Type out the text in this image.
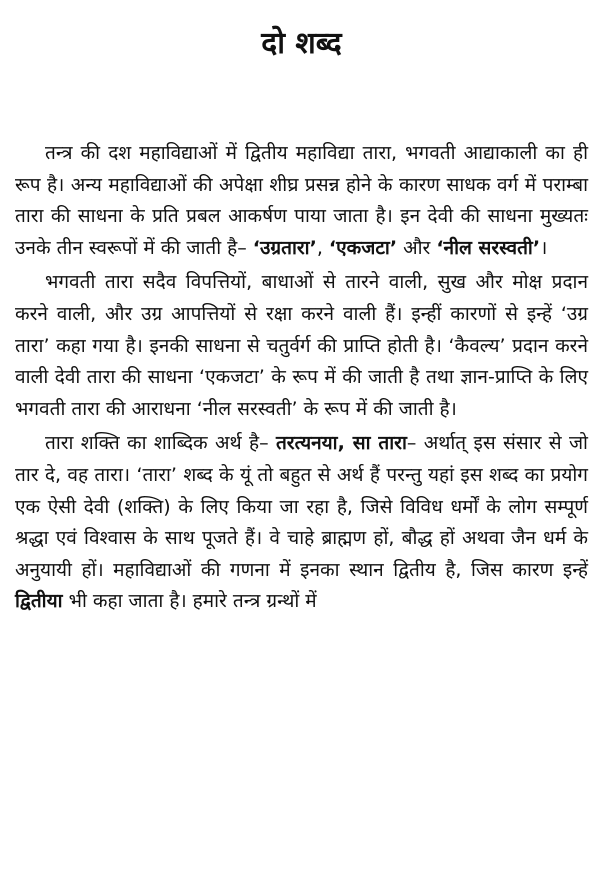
दो शब्द

तन्त्र की दश महाविद्याओं में द्वितीय महाविद्या तारा, भगवती आद्याकाली का ही रूप है। अन्य महाविद्याओं की अपेक्षा शीघ्र प्रसन्न होने के कारण साधक वर्ग में पराम्बा तारा की साधना के प्रति प्रबल आकर्षण पाया जाता है। इन देवी की साधना मुख्यतः उनके तीन स्वरूपों में की जाती है– ‘उग्रतारा’, ‘एकजटा’ और ‘नील सरस्वती’।

भगवती तारा सदैव विपत्तियों, बाधाओं से तारने वाली, सुख और मोक्ष प्रदान करने वाली, और उग्र आपत्तियों से रक्षा करने वाली हैं। इन्हीं कारणों से इन्हें ‘उग्र तारा’ कहा गया है। इनकी साधना से चतुर्वर्ग की प्राप्ति होती है। ‘कैवल्य’ प्रदान करने वाली देवी तारा की साधना ‘एकजटा’ के रूप में की जाती है तथा ज्ञान-प्राप्ति के लिए भगवती तारा की आराधना ‘नील सरस्वती’ के रूप में की जाती है।

तारा शक्ति का शाब्दिक अर्थ है– तरत्यनया, सा तारा– अर्थात् इस संसार से जो तार दे, वह तारा। ‘तारा’ शब्द के यूं तो बहुत से अर्थ हैं परन्तु यहां इस शब्द का प्रयोग एक ऐसी देवी (शक्ति) के लिए किया जा रहा है, जिसे विविध धर्मों के लोग सम्पूर्ण श्रद्धा एवं विश्वास के साथ पूजते हैं। वे चाहे ब्राह्मण हों, बौद्ध हों अथवा जैन धर्म के अनुयायी हों। महाविद्याओं की गणना में इनका स्थान द्वितीय है, जिस कारण इन्हें द्वितीया भी कहा जाता है। हमारे तन्त्र ग्रन्थों में
